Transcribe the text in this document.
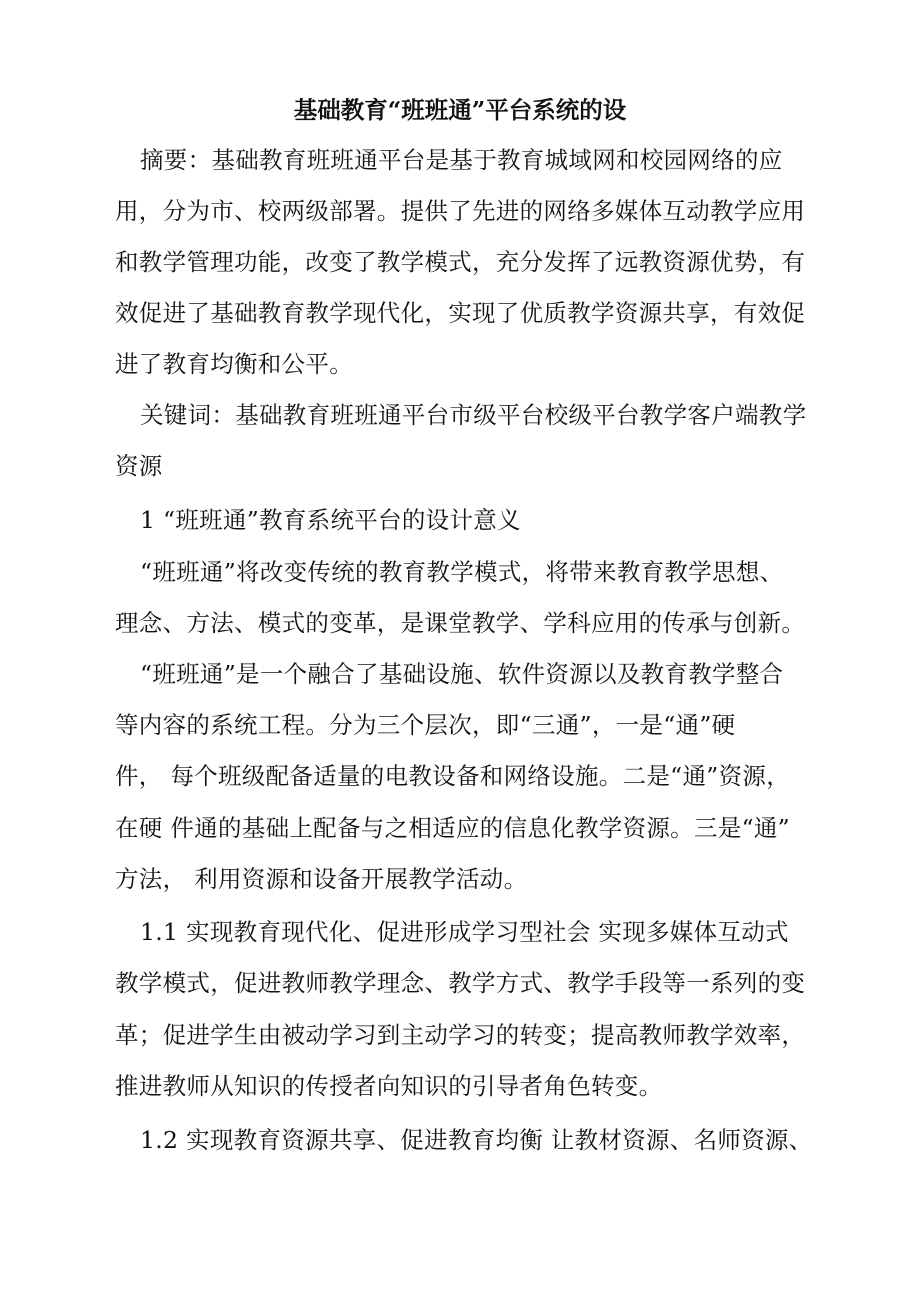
基础教育“班班通”平台系统的设
摘要：基础教育班班通平台是基于教育城域网和校园网络的应
用，分为市、校两级部署。提供了先进的网络多媒体互动教学应用
和教学管理功能，改变了教学模式，充分发挥了远教资源优势，有
效促进了基础教育教学现代化，实现了优质教学资源共享，有效促
进了教育均衡和公平。
关键词：基础教育班班通平台市级平台校级平台教学客户端教学
资源
1 “班班通”教育系统平台的设计意义
“班班通”将改变传统的教育教学模式，将带来教育教学思想、
理念、方法、模式的变革，是课堂教学、学科应用的传承与创新。
“班班通”是一个融合了基础设施、软件资源以及教育教学整合
等内容的系统工程。分为三个层次，即“三通”，一是“通”硬
件， 每个班级配备适量的电教设备和网络设施。二是“通”资源，
在硬 件通的基础上配备与之相适应的信息化教学资源。三是“通”
方法， 利用资源和设备开展教学活动。
1.1 实现教育现代化、促进形成学习型社会 实现多媒体互动式
教学模式，促进教师教学理念、教学方式、教学手段等一系列的变
革；促进学生由被动学习到主动学习的转变；提高教师教学效率，
推进教师从知识的传授者向知识的引导者角色转变。
1.2 实现教育资源共享、促进教育均衡 让教材资源、名师资源、
